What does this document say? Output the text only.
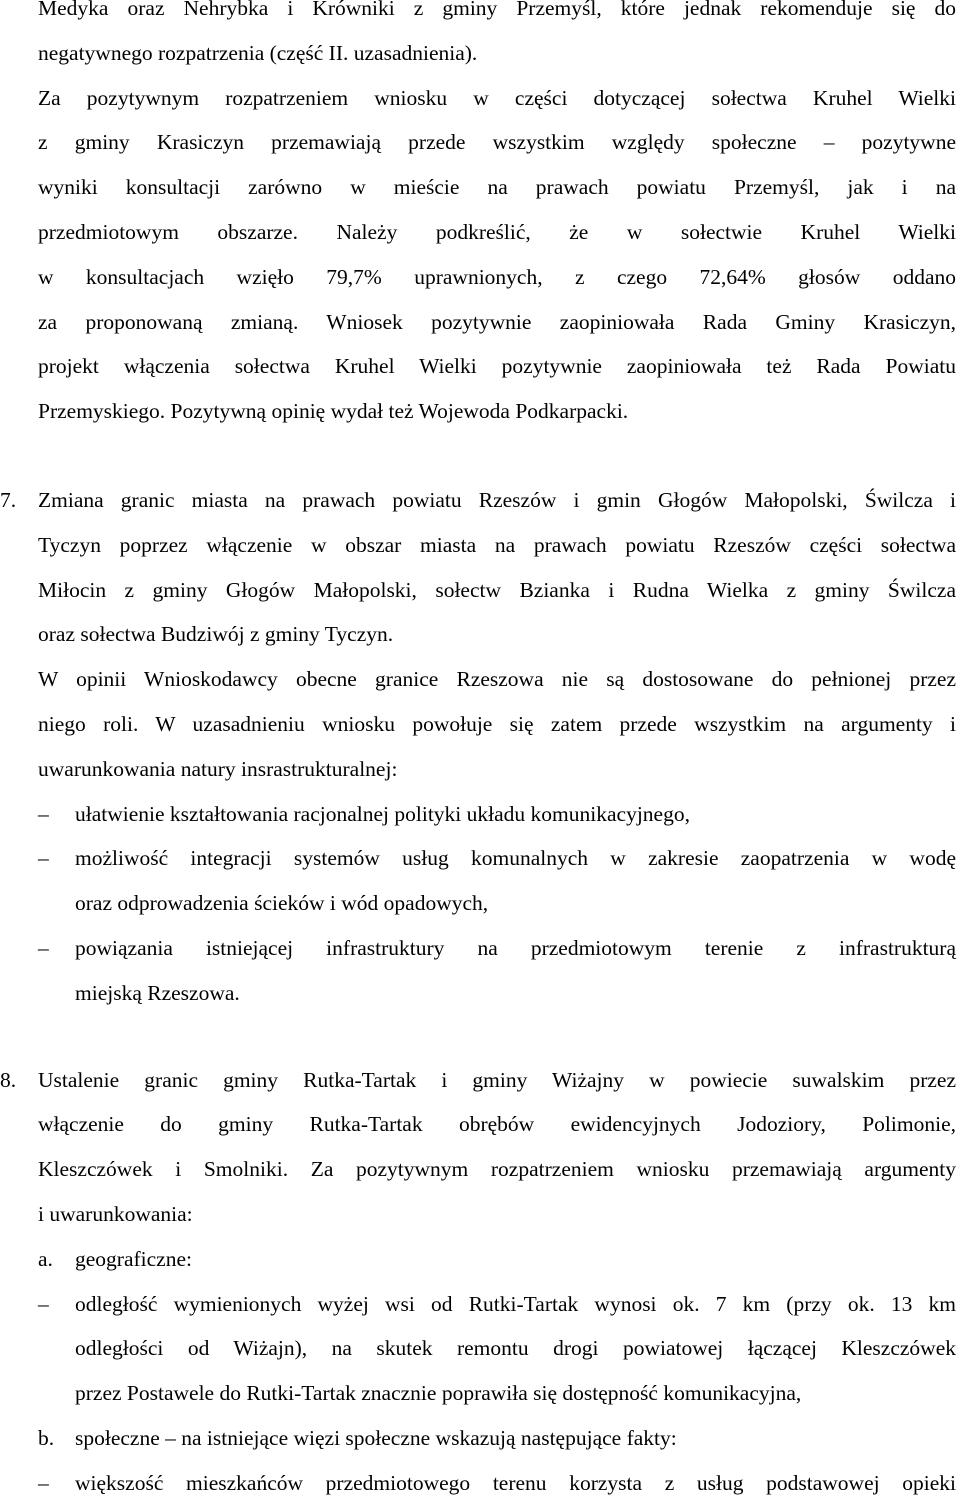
Medyka oraz Nehrybka i Krówniki z gminy Przemyśl, które jednak rekomenduje się do
negatywnego rozpatrzenia (część II. uzasadnienia).
Za pozytywnym rozpatrzeniem wniosku w części dotyczącej sołectwa Kruhel Wielki
z gminy Krasiczyn przemawiają przede wszystkim względy społeczne – pozytywne
wyniki konsultacji zarówno w mieście na prawach powiatu Przemyśl, jak i na
przedmiotowym obszarze. Należy podkreślić, że w sołectwie Kruhel Wielki
w konsultacjach wzięło 79,7% uprawnionych, z czego 72,64% głosów oddano
za proponowaną zmianą. Wniosek pozytywnie zaopiniowała Rada Gminy Krasiczyn,
projekt włączenia sołectwa Kruhel Wielki pozytywnie zaopiniowała też Rada Powiatu
Przemyskiego. Pozytywną opinię wydał też Wojewoda Podkarpacki.
7. Zmiana granic miasta na prawach powiatu Rzeszów i gmin Głogów Małopolski, Świlcza i
Tyczyn poprzez włączenie w obszar miasta na prawach powiatu Rzeszów części sołectwa
Miłocin z gminy Głogów Małopolski, sołectw Bzianka i Rudna Wielka z gminy Świlcza
oraz sołectwa Budziwój z gminy Tyczyn.
W opinii Wnioskodawcy obecne granice Rzeszowa nie są dostosowane do pełnionej przez
niego roli. W uzasadnieniu wniosku powołuje się zatem przede wszystkim na argumenty i
uwarunkowania natury insrastrukturalnej:
–	ułatwienie kształtowania racjonalnej polityki układu komunikacyjnego,
–	możliwość integracji systemów usług komunalnych w zakresie zaopatrzenia w wodę
oraz odprowadzenia ścieków i wód opadowych,
–	powiązania istniejącej infrastruktury na przedmiotowym terenie z infrastrukturą
miejską Rzeszowa.
8. Ustalenie granic gminy Rutka-Tartak i gminy Wiżajny w powiecie suwalskim przez
włączenie do gminy Rutka-Tartak obrębów ewidencyjnych Jodoziory, Polimonie,
Kleszczówek i Smolniki. Za pozytywnym rozpatrzeniem wniosku przemawiają argumenty
i uwarunkowania:
a.	geograficzne:
–	odległość wymienionych wyżej wsi od Rutki-Tartak wynosi ok. 7 km (przy ok. 13 km
odległości od Wiżajn), na skutek remontu drogi powiatowej łączącej Kleszczówek
przez Postawele do Rutki-Tartak znacznie poprawiła się dostępność komunikacyjna,
b. społeczne – na istniejące więzi społeczne wskazują następujące fakty:
–	większość mieszkańców przedmiotowego terenu korzysta z usług podstawowej opieki
